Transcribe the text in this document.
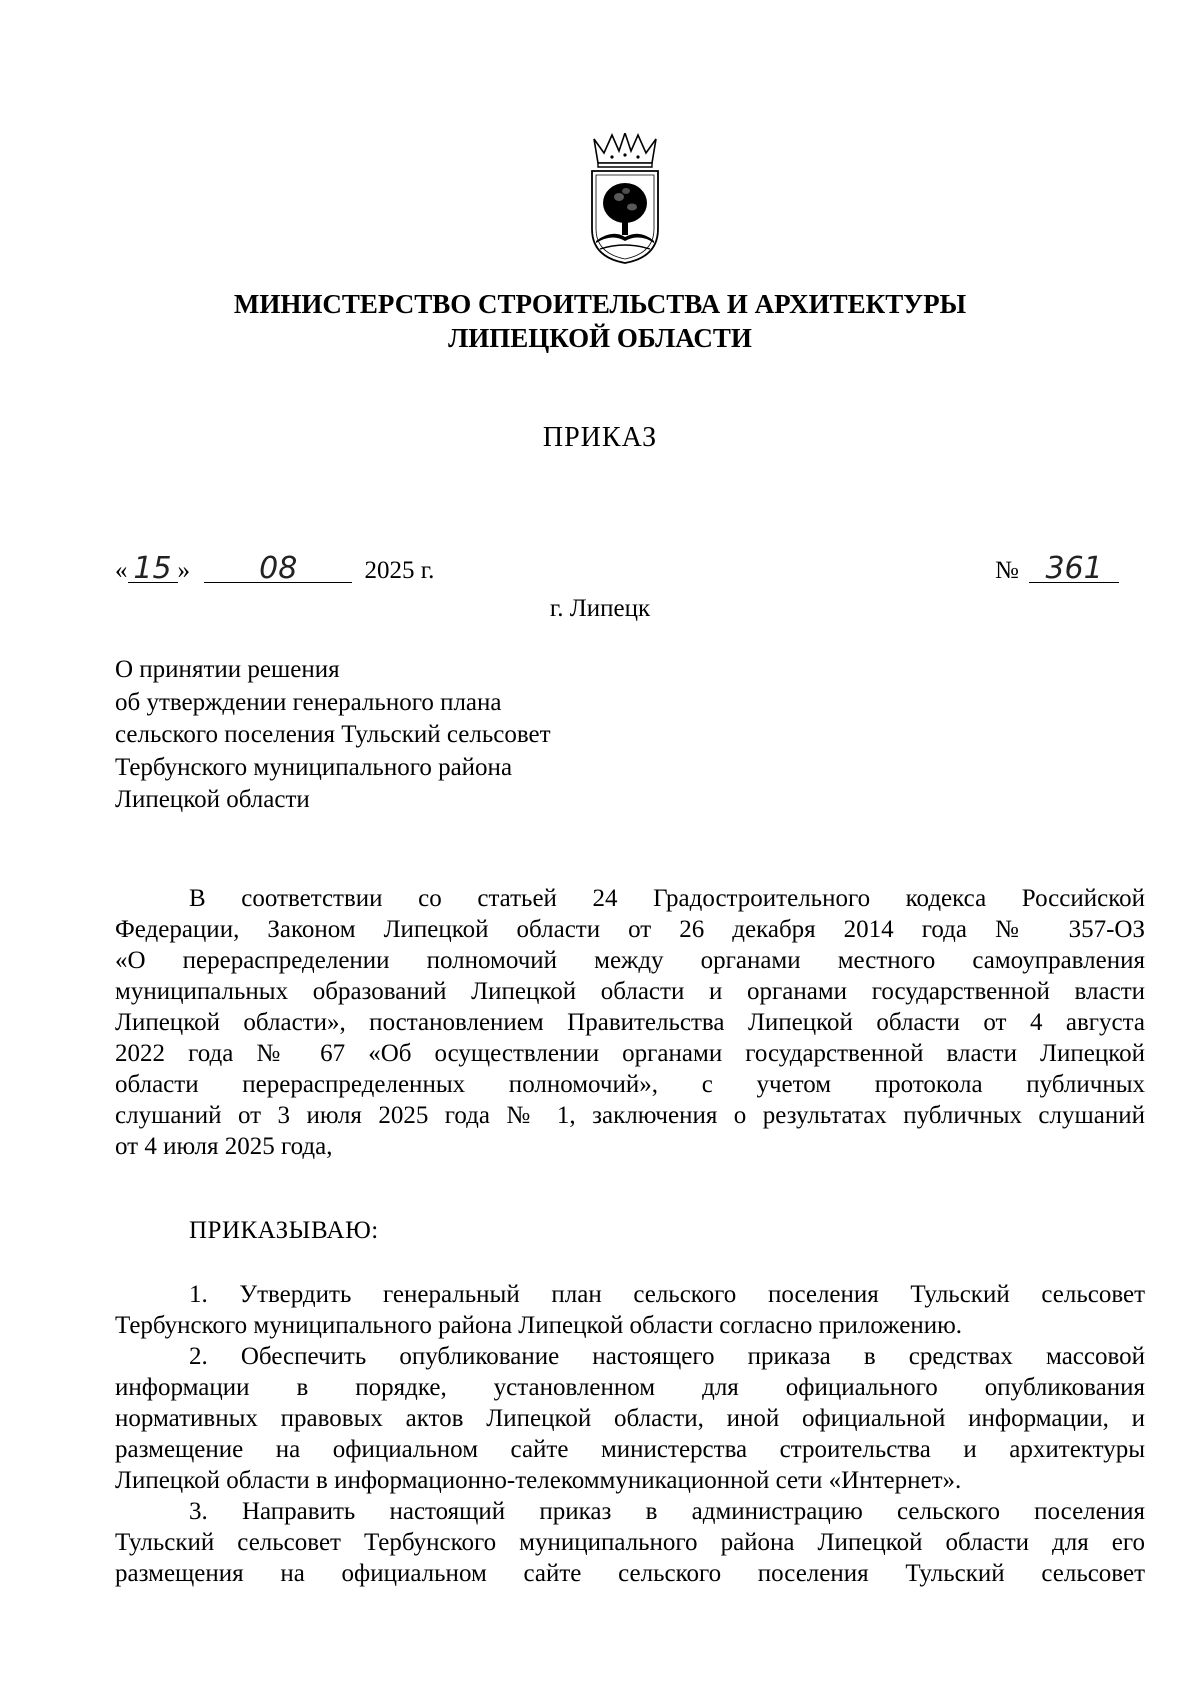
МИНИСТЕРСТВО СТРОИТЕЛЬСТВА И АРХИТЕКТУРЫ
ЛИПЕЦКОЙ ОБЛАСТИ
ПРИКАЗ
« 15 » 08	2025 г.	№ 361
г. Липецк
О принятии решения
об утверждении генерального плана
сельского поселения Тульский сельсовет
Тербунского муниципального района
Липецкой области
В соответствии со статьей 24 Градостроительного кодекса Российской
Федерации, Законом Липецкой области от 26 декабря 2014 года № 357-ОЗ
«О перераспределении полномочий между органами местного самоуправления
муниципальных образований Липецкой области и органами государственной власти
Липецкой области», постановлением Правительства Липецкой области от 4 августа
2022 года № 67 «Об осуществлении органами государственной власти Липецкой
области перераспределенных полномочий», с учетом протокола публичных
слушаний от 3 июля 2025 года № 1, заключения о результатах публичных слушаний
от 4 июля 2025 года,
ПРИКАЗЫВАЮ:
1. Утвердить генеральный план сельского поселения Тульский сельсовет
Тербунского муниципального района Липецкой области согласно приложению.
2. Обеспечить опубликование настоящего приказа в средствах массовой
информации в порядке, установленном для официального опубликования
нормативных правовых актов Липецкой области, иной официальной информации, и
размещение на официальном сайте министерства строительства и архитектуры
Липецкой области в информационно-телекоммуникационной сети «Интернет».
3. Направить настоящий приказ в администрацию сельского поселения
Тульский сельсовет Тербунского муниципального района Липецкой области для его
размещения на официальном сайте сельского поселения Тульский сельсовет
